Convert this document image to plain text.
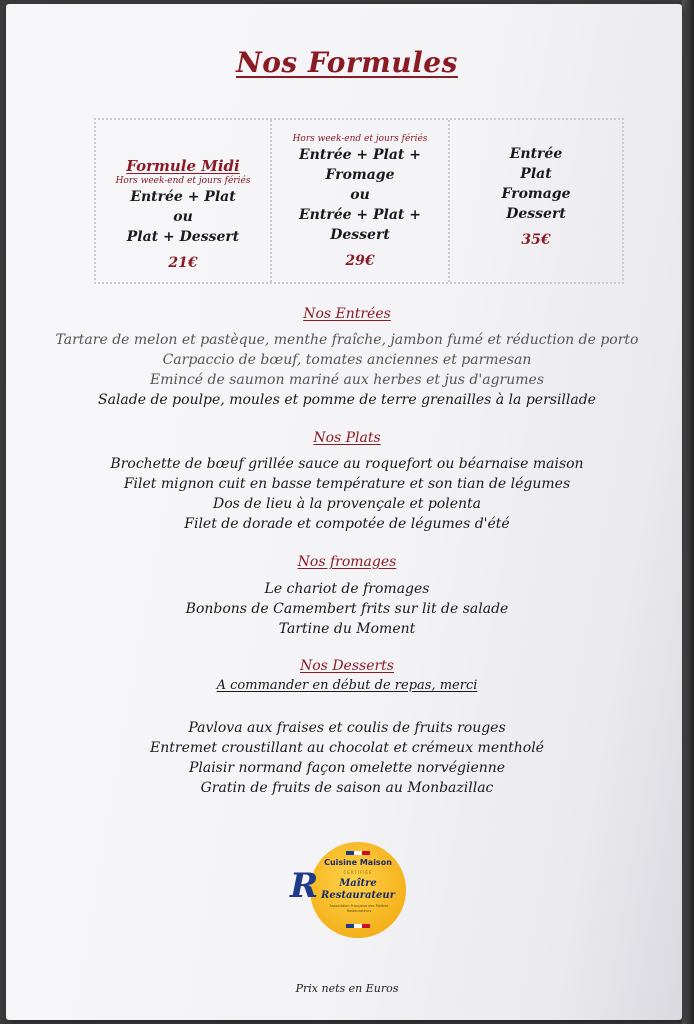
Nos Formules
Formule Midi
Hors week-end et jours fériés
Entrée + Plat
ou
Plat + Dessert
21€
Hors week-end et jours fériés
Entrée + Plat +
Fromage
ou
Entrée + Plat +
Dessert
29€
Entrée
Plat
Fromage
Dessert
35€
Nos Entrées
Tartare de melon et pastèque, menthe fraîche, jambon fumé et réduction de porto
Carpaccio de bœuf, tomates anciennes et parmesan
Emincé de saumon mariné aux herbes et jus d'agrumes
Salade de poulpe, moules et pomme de terre grenailles à la persillade
Nos Plats
Brochette de bœuf grillée sauce au roquefort ou béarnaise maison
Filet mignon cuit en basse température et son tian de légumes
Dos de lieu à la provençale et polenta
Filet de dorade et compotée de légumes d'été
Nos fromages
Le chariot de fromages
Bonbons de Camembert frits sur lit de salade
Tartine du Moment
Nos Desserts
A commander en début de repas, merci
Pavlova aux fraises et coulis de fruits rouges
Entremet croustillant au chocolat et crémeux mentholé
Plaisir normand façon omelette norvégienne
Gratin de fruits de saison au Monbazillac
Cuisine Maison
CERTIFIÉE
Maître
Restaurateur
Association Française des Maîtres Restaurateurs
R
Prix nets en Euros
